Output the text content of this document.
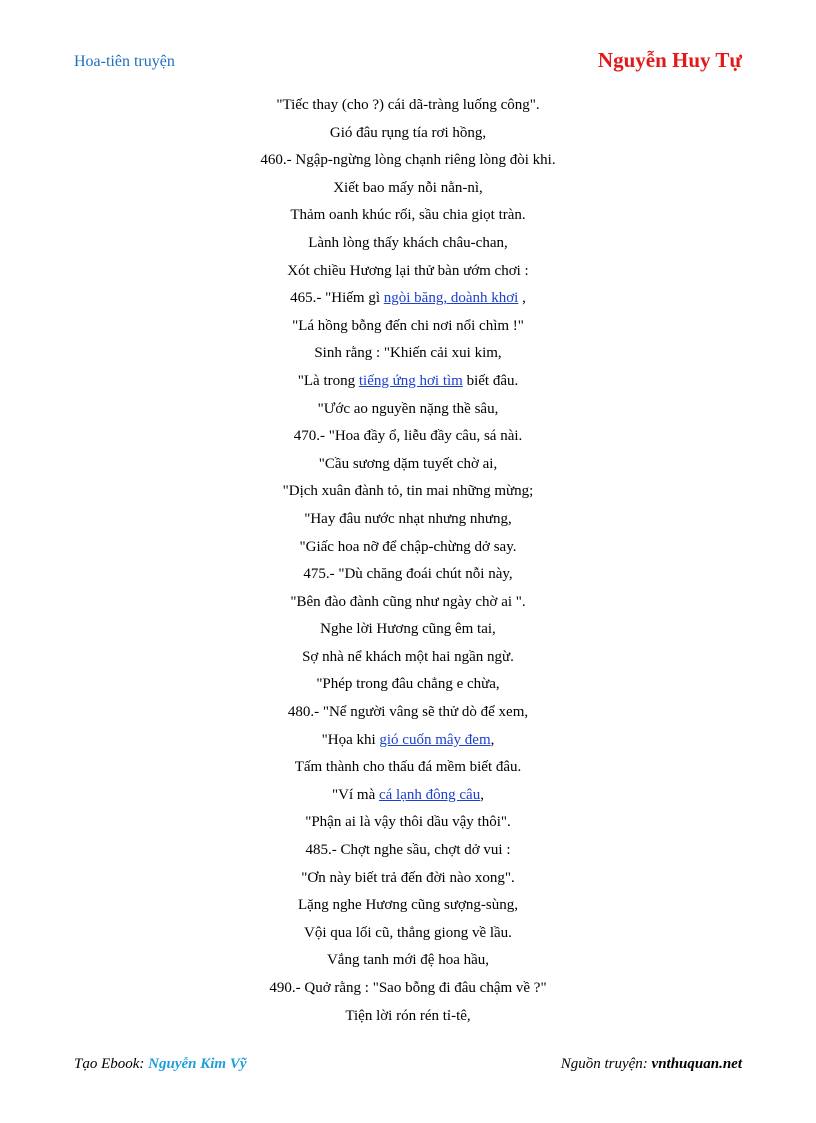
Hoa-tiên truyện	Nguyễn Huy Tự
"Tiếc thay (cho ?) cái dã-tràng luống công".
Gió đâu rụng tía rơi hồng,
460.- Ngập-ngừng lòng chạnh riêng lòng đòi khi.
Xiết bao mấy nỗi nằn-nì,
Thảm oanh khúc rối, sầu chia giọt tràn.
Lành lòng thấy khách châu-chan,
Xót chiều Hương lại thử bàn ướm chơi :
465.- "Hiếm gì ngòi băng, doành khơi ,
"Lá hồng bỗng đến chi nơi nổi chìm !"
Sinh rằng : "Khiến cải xui kim,
"Là trong tiếng ứng hơi tìm biết đâu.
"Ước ao nguyền nặng thề sâu,
470.- "Hoa đầy ổ, liễu đầy câu, sá nài.
"Cầu sương dặm tuyết chờ ai,
"Dịch xuân đành tỏ, tin mai những mừng;
"Hay đâu nước nhạt nhưng nhưng,
"Giấc hoa nỡ để chập-chừng dở say.
475.- "Dù chăng đoái chút nỗi này,
"Bên đào đành cũng như ngày chờ ai ".
Nghe lời Hương cũng êm tai,
Sợ nhà nể khách một hai ngần ngừ.
"Phép trong đâu chẳng e chừa,
480.- "Nể người vâng sẽ thử dò để xem,
"Họa khi gió cuốn mây đem,
Tấm thành cho thấu đá mềm biết đâu.
"Ví mà cá lạnh đông câu,
"Phận ai là vậy thôi dầu vậy thôi".
485.- Chợt nghe sầu, chợt dở vui :
"Ơn này biết trả đến đời nào xong".
Lặng nghe Hương cũng sượng-sùng,
Vội qua lối cũ, thẳng giong về lầu.
Vắng tanh mới đệ hoa hầu,
490.- Quở rằng : "Sao bỗng đi đâu chậm về ?"
Tiện lời rón rén tỉ-tê,
Tạo Ebook: Nguyễn Kim Vỹ	Nguồn truyện: vnthuquan.net
